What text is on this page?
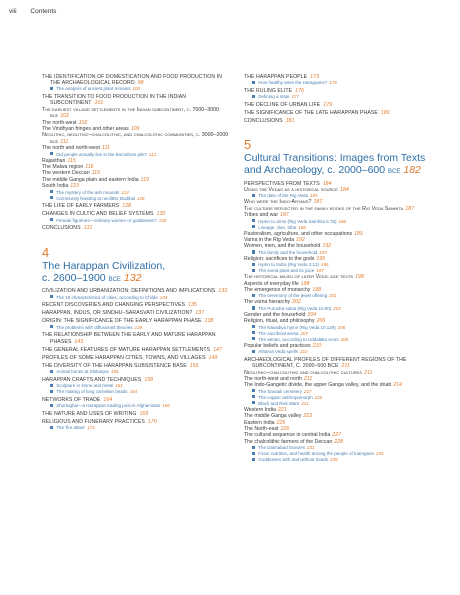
viii Contents
THE IDENTIFICATION OF DOMESTICATION AND FOOD PRODUCTION IN THE ARCHAEOLOGICAL RECORD 98
The analysis of ancient plant remains 100
THE TRANSITION TO FOOD PRODUCTION IN THE INDIAN SUBCONTINENT 101
The earliest village settlements in the Indian subcontinent, c. 7000–3000 bce 102
The north-west 102
The Vindhyan fringes and other areas 109
Neolithic, neolithic–chalcolithic, and chalcolithic communities, c. 3000–2000 bce 111
The north and north-west 111
Did people actually live in the Burzahom pits? 112
Rajasthan 115
The Malwa region 116
The western Deccan 119
The middle Ganga plain and eastern India 119
South India 123
The mystery of the ash mounds 124
Community feasting at neolithic Budihal 126
THE LIFE OF EARLY FARMERS 128
CHANGES IN CULTIC AND BELIEF SYSTEMS 130
Female figurines—ordinary women or goddesses? 130
CONCLUSIONS 131
4
The Harappan Civilization,
c. 2600–1900 bce 132
CIVILIZATION AND URBANIZATION: DEFINITIONS AND IMPLICATIONS 133
The 10 characteristics of cities, according to Childe 134
RECENT DISCOVERIES AND CHANGING PERSPECTIVES 135
HARAPPAN, INDUS, OR SINDHU–SARASVATI CIVILIZATION? 137
ORIGIN: THE SIGNIFICANCE OF THE EARLY HARAPPAN PHASE 138
The problems with diffusionist theories 139
THE RELATIONSHIP BETWEEN THE EARLY AND MATURE HARAPPAN PHASES 143
THE GENERAL FEATURES OF MATURE HARAPPAN SETTLEMENTS 147
PROFILES OF SOME HARAPPAN CITIES, TOWNS, AND VILLAGES 149
THE DIVERSITY OF THE HARAPPAN SUBSISTENCE BASE 156
Animal bones at Shikarpur 156
HARAPPAN CRAFTS AND TECHNIQUES 158
Sculpture in stone and metal 162
The making of long carnelian beads 164
NETWORKS OF TRADE 164
Shortughai—a Harappan trading post in Afghanistan 166
THE NATURE AND USES OF WRITING 169
RELIGIOUS AND FUNERARY PRACTICES 170
The 'fire altars' 171
THE HARAPPAN PEOPLE 173
How healthy were the Harappans? 175
THE RULING ELITE 176
Defining a state 177
THE DECLINE OF URBAN LIFE 179
THE SIGNIFICANCE OF THE LATE HARAPPAN PHASE 180
CONCLUSIONS 181
5
Cultural Transitions: Images from Texts
and Archaeology, c. 2000–600 bce 182
PERSPECTIVES FROM TEXTS 184
Using the Vedas as a historical source 184
The date of the Rig Veda 185
Who were the Indo-Aryans? 187
The culture reflected in the family books of the Rig Veda Samhita 187
Tribes and war 187
Hymn to arms (Rig Veda Samhita 6.75) 188
Lineage, clan, tribe 189
Pastoralism, agriculture, and other occupations 189
Varna in the Rig Veda 192
Women, men, and the household 192
The family and the household 193
Religion: sacrifices to the gods 195
Hymn to Indra (Rig Veda 2.12) 196
The soma plant and its juice 197
The historical milieu of later Vedic age texts 198
Aspects of everyday life 198
The emergence of monarchy 198
The ceremony of the jewel offering 201
The varna hierarchy 202
The Purusha-sukta (Rig Veda 10.90) 203
Gender and the household 204
Religion, ritual, and philosophy 206
The Nasadiya hymn (Rig Veda 10.129) 206
The sacrificial arena 207
The atman, according to Uddalaka Aruni 208
Popular beliefs and practices 210
Atharva Veda spells 210
ARCHAEOLOGICAL PROFILES OF DIFFERENT REGIONS OF THE SUBCONTINENT, C. 2000–500 BCE 211
Neolithic–chalcolithic and chalcolithic cultures 211
The north-west and north 211
The Indo-Gangetic divide, the upper Ganga valley, and the doab 214
The Sanauli cemetery 217
The copper anthropomorph 220
Black and Red Ware 221
Western India 221
The middle Ganga valley 223
Eastern India 225
The North-east 226
The cultural sequence in central India 227
The chalcolithic farmers of the Deccan 228
The Daimabad bronzes 231
Food, nutrition, and health among the people of Inamgaon 234
Goddesses with and without heads 235
